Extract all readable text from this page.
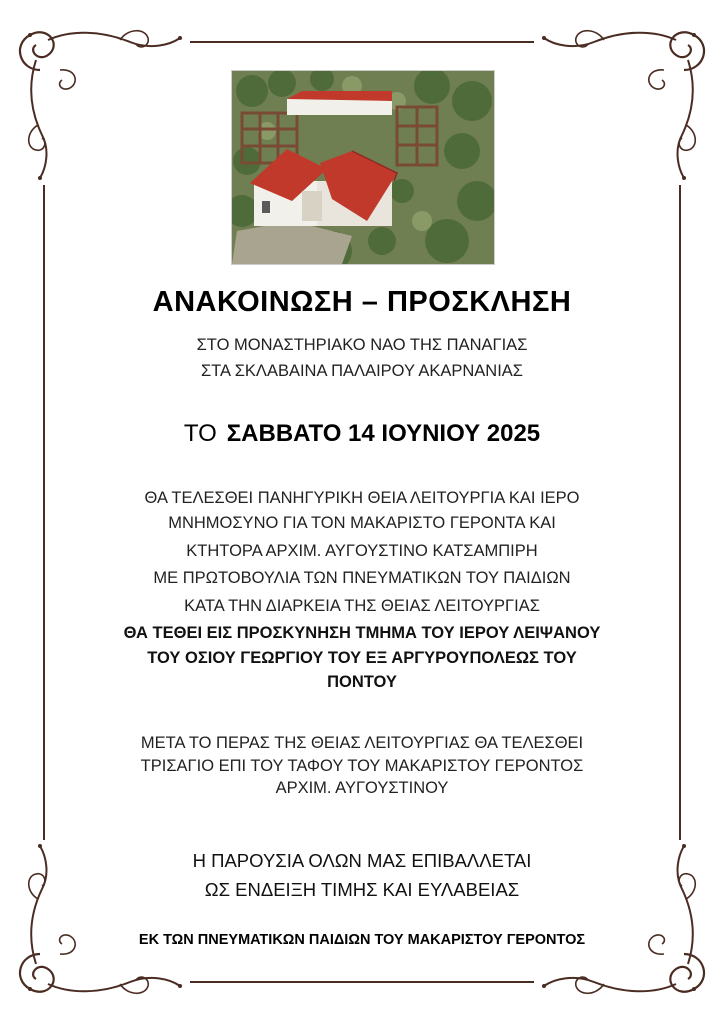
ΑΝΑΚΟΙΝΩΣΗ – ΠΡΟΣΚΛΗΣΗ
ΣΤΟ ΜΟΝΑΣΤΗΡΙΑΚΟ ΝΑΟ ΤΗΣ ΠΑΝΑΓΙΑΣ
ΣΤΑ ΣΚΛΑΒΑΙΝΑ ΠΑΛΑΙΡΟΥ ΑΚΑΡΝΑΝΙΑΣ
ΤΟ ΣΑΒΒΑΤΟ 14 ΙΟΥΝΙΟΥ 2025
ΘΑ ΤΕΛΕΣΘΕΙ ΠΑΝΗΓΥΡΙΚΗ ΘΕΙΑ ΛΕΙΤΟΥΡΓΙΑ ΚΑΙ ΙΕΡΟ
ΜΝΗΜΟΣΥΝΟ ΓΙΑ ΤΟΝ ΜΑΚΑΡΙΣΤΟ ΓΕΡΟΝΤΑ ΚΑΙ
ΚΤΗΤΟΡΑ ΑΡΧΙΜ. ΑΥΓΟΥΣΤΙΝΟ ΚΑΤΣΑΜΠΙΡΗ
ΜΕ ΠΡΩΤΟΒΟΥΛΙΑ ΤΩΝ ΠΝΕΥΜΑΤΙΚΩΝ ΤΟΥ ΠΑΙΔΙΩΝ
ΚΑΤΑ ΤΗΝ ΔΙΑΡΚΕΙΑ ΤΗΣ ΘΕΙΑΣ ΛΕΙΤΟΥΡΓΙΑΣ
ΘΑ ΤΕΘΕΙ ΕΙΣ ΠΡΟΣΚΥΝΗΣΗ ΤΜΗΜΑ ΤΟΥ ΙΕΡΟΥ ΛΕΙΨΑΝΟΥ
ΤΟΥ ΟΣΙΟΥ ΓΕΩΡΓΙΟΥ ΤΟΥ ΕΞ ΑΡΓΥΡΟΥΠΟΛΕΩΣ ΤΟΥ
ΠΟΝΤΟΥ
ΜΕΤΑ ΤΟ ΠΕΡΑΣ ΤΗΣ ΘΕΙΑΣ ΛΕΙΤΟΥΡΓΙΑΣ ΘΑ ΤΕΛΕΣΘΕΙ
ΤΡΙΣΑΓΙΟ ΕΠΙ ΤΟΥ ΤΑΦΟΥ ΤΟΥ ΜΑΚΑΡΙΣΤΟΥ ΓΕΡΟΝΤΟΣ
ΑΡΧΙΜ. ΑΥΓΟΥΣΤΙΝΟΥ
Η ΠΑΡΟΥΣΙΑ ΟΛΩΝ ΜΑΣ ΕΠΙΒΑΛΛΕΤΑΙ
ΩΣ ΕΝΔΕΙΞΗ ΤΙΜΗΣ ΚΑΙ ΕΥΛΑΒΕΙΑΣ
ΕΚ ΤΩΝ ΠΝΕΥΜΑΤΙΚΩΝ ΠΑΙΔΙΩΝ ΤΟΥ ΜΑΚΑΡΙΣΤΟΥ ΓΕΡΟΝΤΟΣ
